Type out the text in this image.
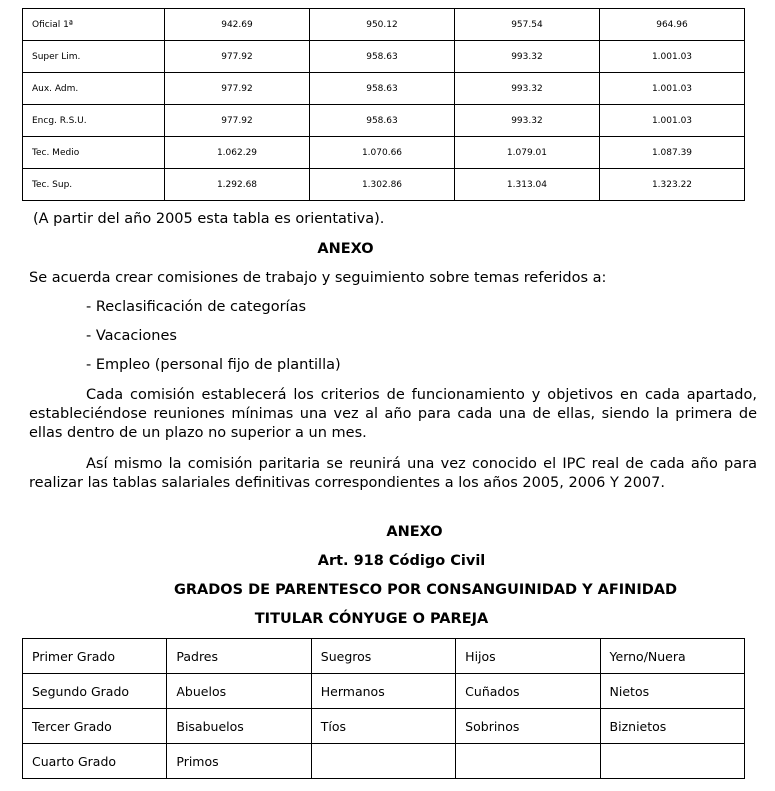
Oficial 1ª	942.69	950.12	957.54	964.96
Super Lim.	977.92	958.63	993.32	1.001.03
Aux. Adm.	977.92	958.63	993.32	1.001.03
Encg. R.S.U.	977.92	958.63	993.32	1.001.03
Tec. Medio	1.062.29	1.070.66	1.079.01	1.087.39
Tec. Sup.	1.292.68	1.302.86	1.313.04	1.323.22
(A partir del año 2005 esta tabla es orientativa).
ANEXO
Se acuerda crear comisiones de trabajo y seguimiento sobre temas referidos a:
- Reclasificación de categorías
- Vacaciones
- Empleo (personal fijo de plantilla)
Cada comisión establecerá los criterios de funcionamiento y objetivos en cada apartado, estableciéndose reuniones mínimas una vez al año para cada una de ellas, siendo la primera de ellas dentro de un plazo no superior a un mes.
Así mismo la comisión paritaria se reunirá una vez conocido el IPC real de cada año para realizar las tablas salariales definitivas correspondientes a los años 2005, 2006 Y 2007.
ANEXO
Art. 918 Código Civil
GRADOS DE PARENTESCO POR CONSANGUINIDAD Y AFINIDAD
TITULAR CÓNYUGE O PAREJA
Primer Grado	Padres	Suegros	Hijos	Yerno/Nuera
Segundo Grado	Abuelos	Hermanos	Cuñados	Nietos
Tercer Grado	Bisabuelos	Tíos	Sobrinos	Biznietos
Cuarto Grado	Primos			
